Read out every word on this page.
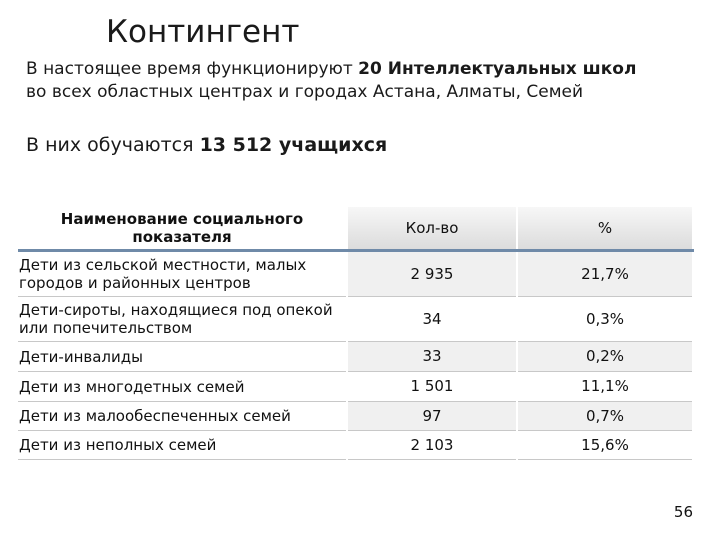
Контингент
В настоящее время функционируют 20 Интеллектуальных школ
во всех областных центрах и городах Астана, Алматы, Семей
В них обучаются 13 512 учащихся
Наименование социального показателя	Кол-во	%
Дети из сельской местности, малых городов и районных центров	2 935	21,7%
Дети-сироты, находящиеся под опекой или попечительством	34	0,3%
Дети-инвалиды	33	0,2%
Дети из многодетных семей	1 501	11,1%
Дети из малообеспеченных семей	97	0,7%
Дети из неполных семей	2 103	15,6%
56
